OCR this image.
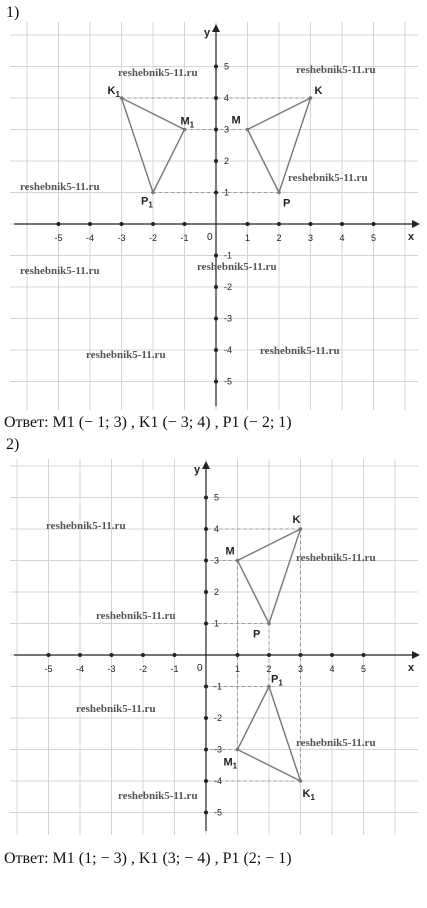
1)
x
y
0
-5	-4	-3	-2	-1	1	2	3	4	5
5
4
3
2
1
-1
-2
-3
-4
-5
K
M
P
$K_1$
$M_1$
$P_1$
reshebnik5-11.ru	reshebnik5-11.ru
reshebnik5-11.ru
reshebnik5-11.ru
reshebnik5-11.ru	reshebnik5-11.ru
reshebnik5-11.ru	reshebnik5-11.ru
Ответ: M1 (− 1; 3) , K1 (− 3; 4) , P1 (− 2; 1)
2)
x
y
0
-5	-4	-3	-2	-1	1	2	3	4	5
5
4
3
2
1
-1
-2
-3
-4
-5
K
M
P
$K_1$
$M_1$
$P_1$
reshebnik5-11.ru
reshebnik5-11.ru
reshebnik5-11.ru
reshebnik5-11.ru
reshebnik5-11.ru
reshebnik5-11.ru
Ответ: M1 (1; − 3) , K1 (3; − 4) , P1 (2; − 1)
